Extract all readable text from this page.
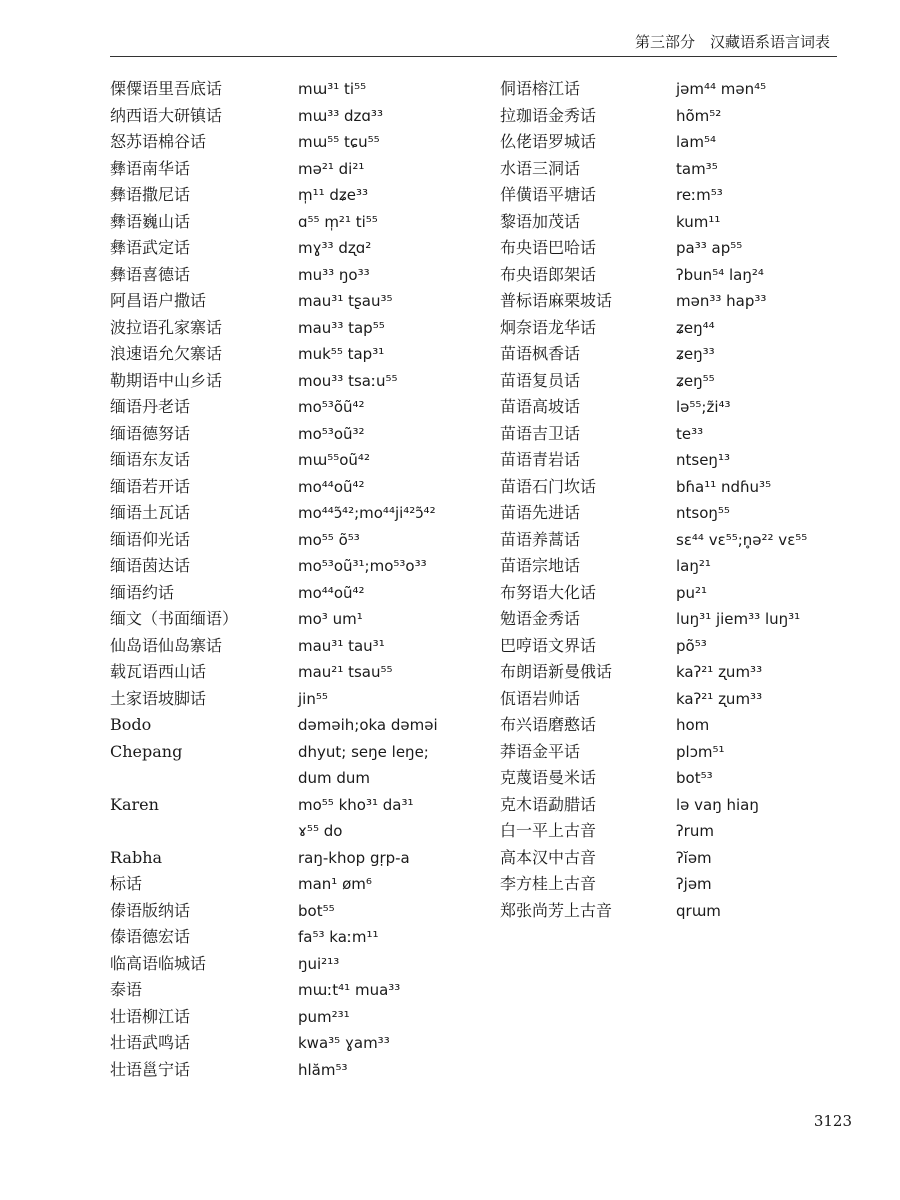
第三部分　汉藏语系语言词表
傈僳语里吾底话	mɯ³¹ ti⁵⁵
纳西语大研镇话	mɯ³³ dzɑ³³
怒苏语棉谷话	mɯ⁵⁵ tɕu⁵⁵
彝语南华话	mə²¹ di²¹
彝语撒尼话	m̩¹¹ dʑe³³
彝语巍山话	ɑ⁵⁵ m̩²¹ ti⁵⁵
彝语武定话	mɣ³³ dʐɑ²
彝语喜德话	mu³³ ŋo³³
阿昌语户撒话	mau³¹ tʂau³⁵
波拉语孔家寨话	mau³³ tap⁵⁵
浪速语允欠寨话	muk⁵⁵ tap³¹
勒期语中山乡话	mou³³ tsaːu⁵⁵
缅语丹老话	mo⁵³õũ⁴²
缅语德努话	mo⁵³oũ³²
缅语东友话	mɯ⁵⁵oũ⁴²
缅语若开话	mo⁴⁴oũ⁴²
缅语土瓦话	mo⁴⁴ɔ̃⁴²;mo⁴⁴ji⁴²ɔ̃⁴²
缅语仰光话	mo⁵⁵ õ⁵³
缅语茵达话	mo⁵³oũ³¹;mo⁵³o³³
缅语约话	mo⁴⁴oũ⁴²
缅文（书面缅语）	mo³ um¹
仙岛语仙岛寨话	mau³¹ tau³¹
载瓦语西山话	mau²¹ tsau⁵⁵
土家语坡脚话	jin⁵⁵
Bodo	dəməih;oka dəməi
Chepang	dhyut; seŋe leŋe;
dum dum
Karen	mo⁵⁵ kho³¹ da³¹
ɤ⁵⁵ do
Rabha	raŋ-khop gṛp-a
标话	man¹ øm⁶
傣语版纳话	bot⁵⁵
傣语德宏话	fa⁵³ kaːm¹¹
临高语临城话	ŋui²¹³
泰语	mɯːt⁴¹ mua³³
壮语柳江话	pum²³¹
壮语武鸣话	kwa³⁵ ɣam³³
壮语邕宁话	hlăm⁵³
侗语榕江话	jəm⁴⁴ mən⁴⁵
拉珈语金秀话	hõm⁵²
仫佬语罗城话	lam⁵⁴
水语三洞话	tam³⁵
佯僙语平塘话	reːm⁵³
黎语加茂话	kum¹¹
布央语巴哈话	pa³³ ap⁵⁵
布央语郎架话	ʔbun⁵⁴ laŋ²⁴
普标语麻栗坡话	mən³³ hap³³
炯奈语龙华话	ʑeŋ⁴⁴
苗语枫香话	ʑeŋ³³
苗语复员话	ʑeŋ⁵⁵
苗语高坡话	lə⁵⁵;z̃i⁴³
苗语吉卫话	te³³
苗语青岩话	ntseŋ¹³
苗语石门坎话	bɦa¹¹ ndɦu³⁵
苗语先进话	ntsoŋ⁵⁵
苗语养蒿话	sɛ⁴⁴ vɛ⁵⁵;n̥ə²² vɛ⁵⁵
苗语宗地话	laŋ²¹
布努语大化话	pu²¹
勉语金秀话	luŋ³¹ jiem³³ luŋ³¹
巴哼语文界话	põ⁵³
布朗语新曼俄话	kaʔ²¹ ʐum³³
佤语岩帅话	kaʔ²¹ ʐum³³
布兴语磨憨话	hom
莽语金平话	plɔm⁵¹
克蔑语曼米话	bot⁵³
克木语勐腊话	lə vaŋ hiaŋ
白一平上古音	ʔrum
高本汉中古音	ʔĭəm
李方桂上古音	ʔjəm
郑张尚芳上古音	qrɯm
3123
